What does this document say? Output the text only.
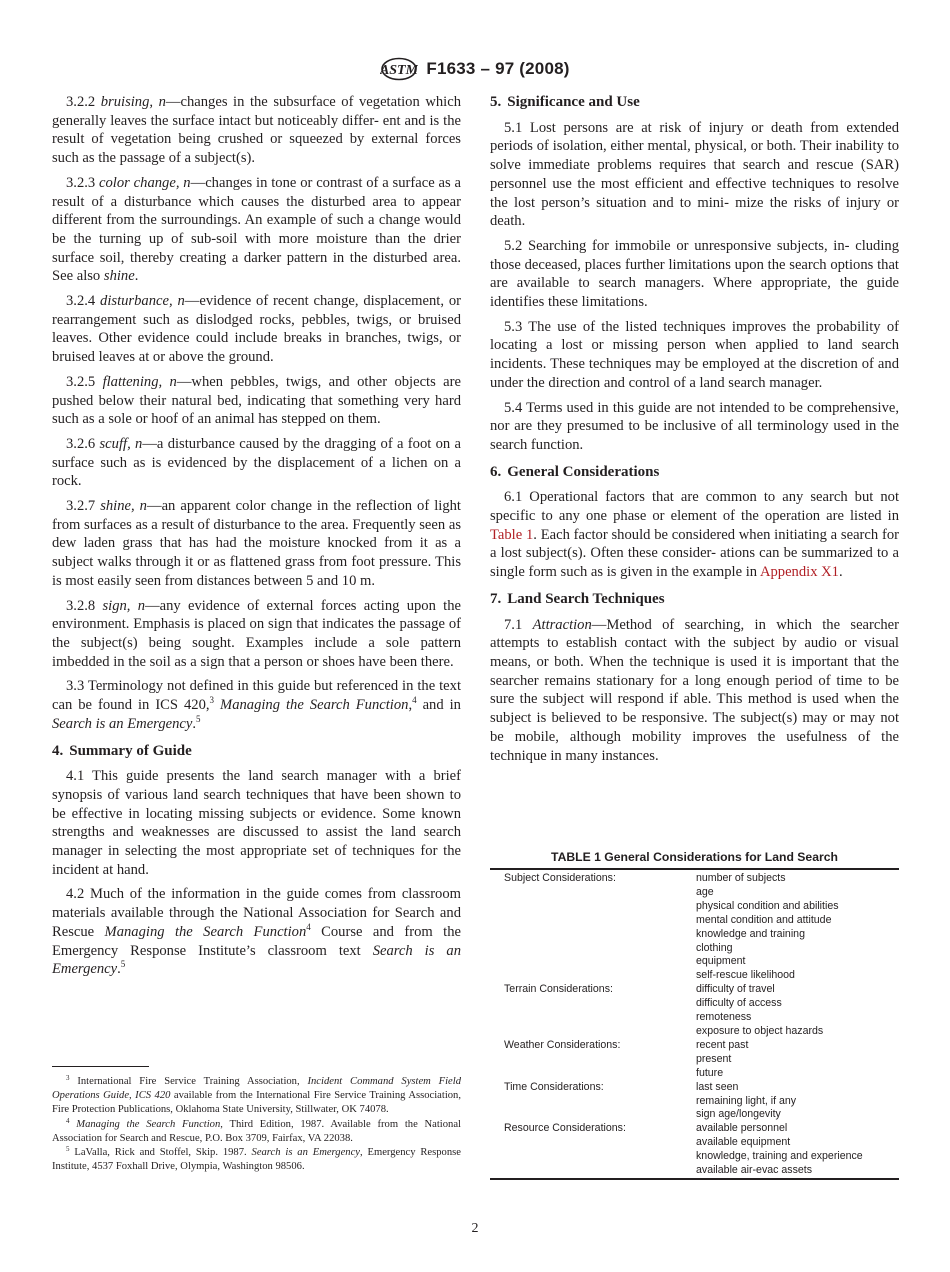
ASTM F1633 – 97 (2008)

3.2.2 bruising, n—changes in the subsurface of vegetation which generally leaves the surface intact but noticeably differ- ent and is the result of vegetation being crushed or squeezed by external forces such as the passage of a subject(s).

3.2.3 color change, n—changes in tone or contrast of a surface as a result of a disturbance which causes the disturbed area to appear different from the surroundings. An example of such a change would be the turning up of sub-soil with more moisture than the drier surface soil, thereby creating a darker pattern in the disturbed area. See also shine.

3.2.4 disturbance, n—evidence of recent change, displacement, or rearrangement such as dislodged rocks, pebbles, twigs, or bruised leaves. Other evidence could include breaks in branches, twigs, or bruised leaves at or above the ground.

3.2.5 flattening, n—when pebbles, twigs, and other objects are pushed below their natural bed, indicating that something very hard such as a sole or hoof of an animal has stepped on them.

3.2.6 scuff, n—a disturbance caused by the dragging of a foot on a surface such as is evidenced by the displacement of a lichen on a rock.

3.2.7 shine, n—an apparent color change in the reflection of light from surfaces as a result of disturbance to the area. Frequently seen as dew laden grass that has had the moisture knocked from it as a subject walks through it or as flattened grass from foot pressure. This is most easily seen from distances between 5 and 10 m.

3.2.8 sign, n—any evidence of external forces acting upon the environment. Emphasis is placed on sign that indicates the passage of the subject(s) being sought. Examples include a sole pattern imbedded in the soil as a sign that a person or shoes have been there.

3.3 Terminology not defined in this guide but referenced in the text can be found in ICS 420,$^3$ Managing the Search Function,$^4$ and in Search is an Emergency.$^5$

4. Summary of Guide

4.1 This guide presents the land search manager with a brief synopsis of various land search techniques that have been shown to be effective in locating missing subjects or evidence. Some known strengths and weaknesses are discussed to assist the land search manager in selecting the most appropriate set of techniques for the incident at hand.

4.2 Much of the information in the guide comes from classroom materials available through the National Association for Search and Rescue Managing the Search Function$^4$ Course and from the Emergency Response Institute’s classroom text Search is an Emergency.$^5$

$^3$ International Fire Service Training Association, Incident Command System Field Operations Guide, ICS 420 available from the International Fire Service Training Association, Fire Protection Publications, Oklahoma State University, Stillwater, OK 74078.

$^4$ Managing the Search Function, Third Edition, 1987. Available from the National Association for Search and Rescue, P.O. Box 3709, Fairfax, VA 22038.

$^5$ LaValla, Rick and Stoffel, Skip. 1987. Search is an Emergency, Emergency Response Institute, 4537 Foxhall Drive, Olympia, Washington 98506.

5. Significance and Use

5.1 Lost persons are at risk of injury or death from extended periods of isolation, either mental, physical, or both. Their inability to solve immediate problems requires that search and rescue (SAR) personnel use the most efficient and effective techniques to resolve the lost person’s situation and to mini- mize the risks of injury or death.

5.2 Searching for immobile or unresponsive subjects, in- cluding those deceased, places further limitations upon the search options that are available to search managers. Where appropriate, the guide identifies these limitations.

5.3 The use of the listed techniques improves the probability of locating a lost or missing person when applied to land search incidents. These techniques may be employed at the discretion of and under the direction and control of a land search manager.

5.4 Terms used in this guide are not intended to be comprehensive, nor are they presumed to be inclusive of all terminology used in the search function.

6. General Considerations

6.1 Operational factors that are common to any search but not specific to any one phase or element of the operation are listed in Table 1. Each factor should be considered when initiating a search for a lost subject(s). Often these consider- ations can be summarized to a single form such as is given in the example in Appendix X1.

7. Land Search Techniques

7.1 Attraction—Method of searching, in which the searcher attempts to establish contact with the subject by audio or visual means, or both. When the technique is used it is important that the searcher remains stationary for a long enough period of time to be sure the subject will respond if able. This method is used when the subject is believed to be responsive. The subject(s) may or may not be mobile, although mobility improves the usefulness of the technique in many instances.

TABLE 1 General Considerations for Land Search
Subject Considerations:	number of subjects
	age
	physical condition and abilities
	mental condition and attitude
	knowledge and training
	clothing
	equipment
	self-rescue likelihood
Terrain Considerations:	difficulty of travel
	difficulty of access
	remoteness
	exposure to object hazards
Weather Considerations:	recent past
	present
	future
Time Considerations:	last seen
	remaining light, if any
	sign age/longevity
Resource Considerations:	available personnel
	available equipment
	knowledge, training and experience
	available air-evac assets
2
